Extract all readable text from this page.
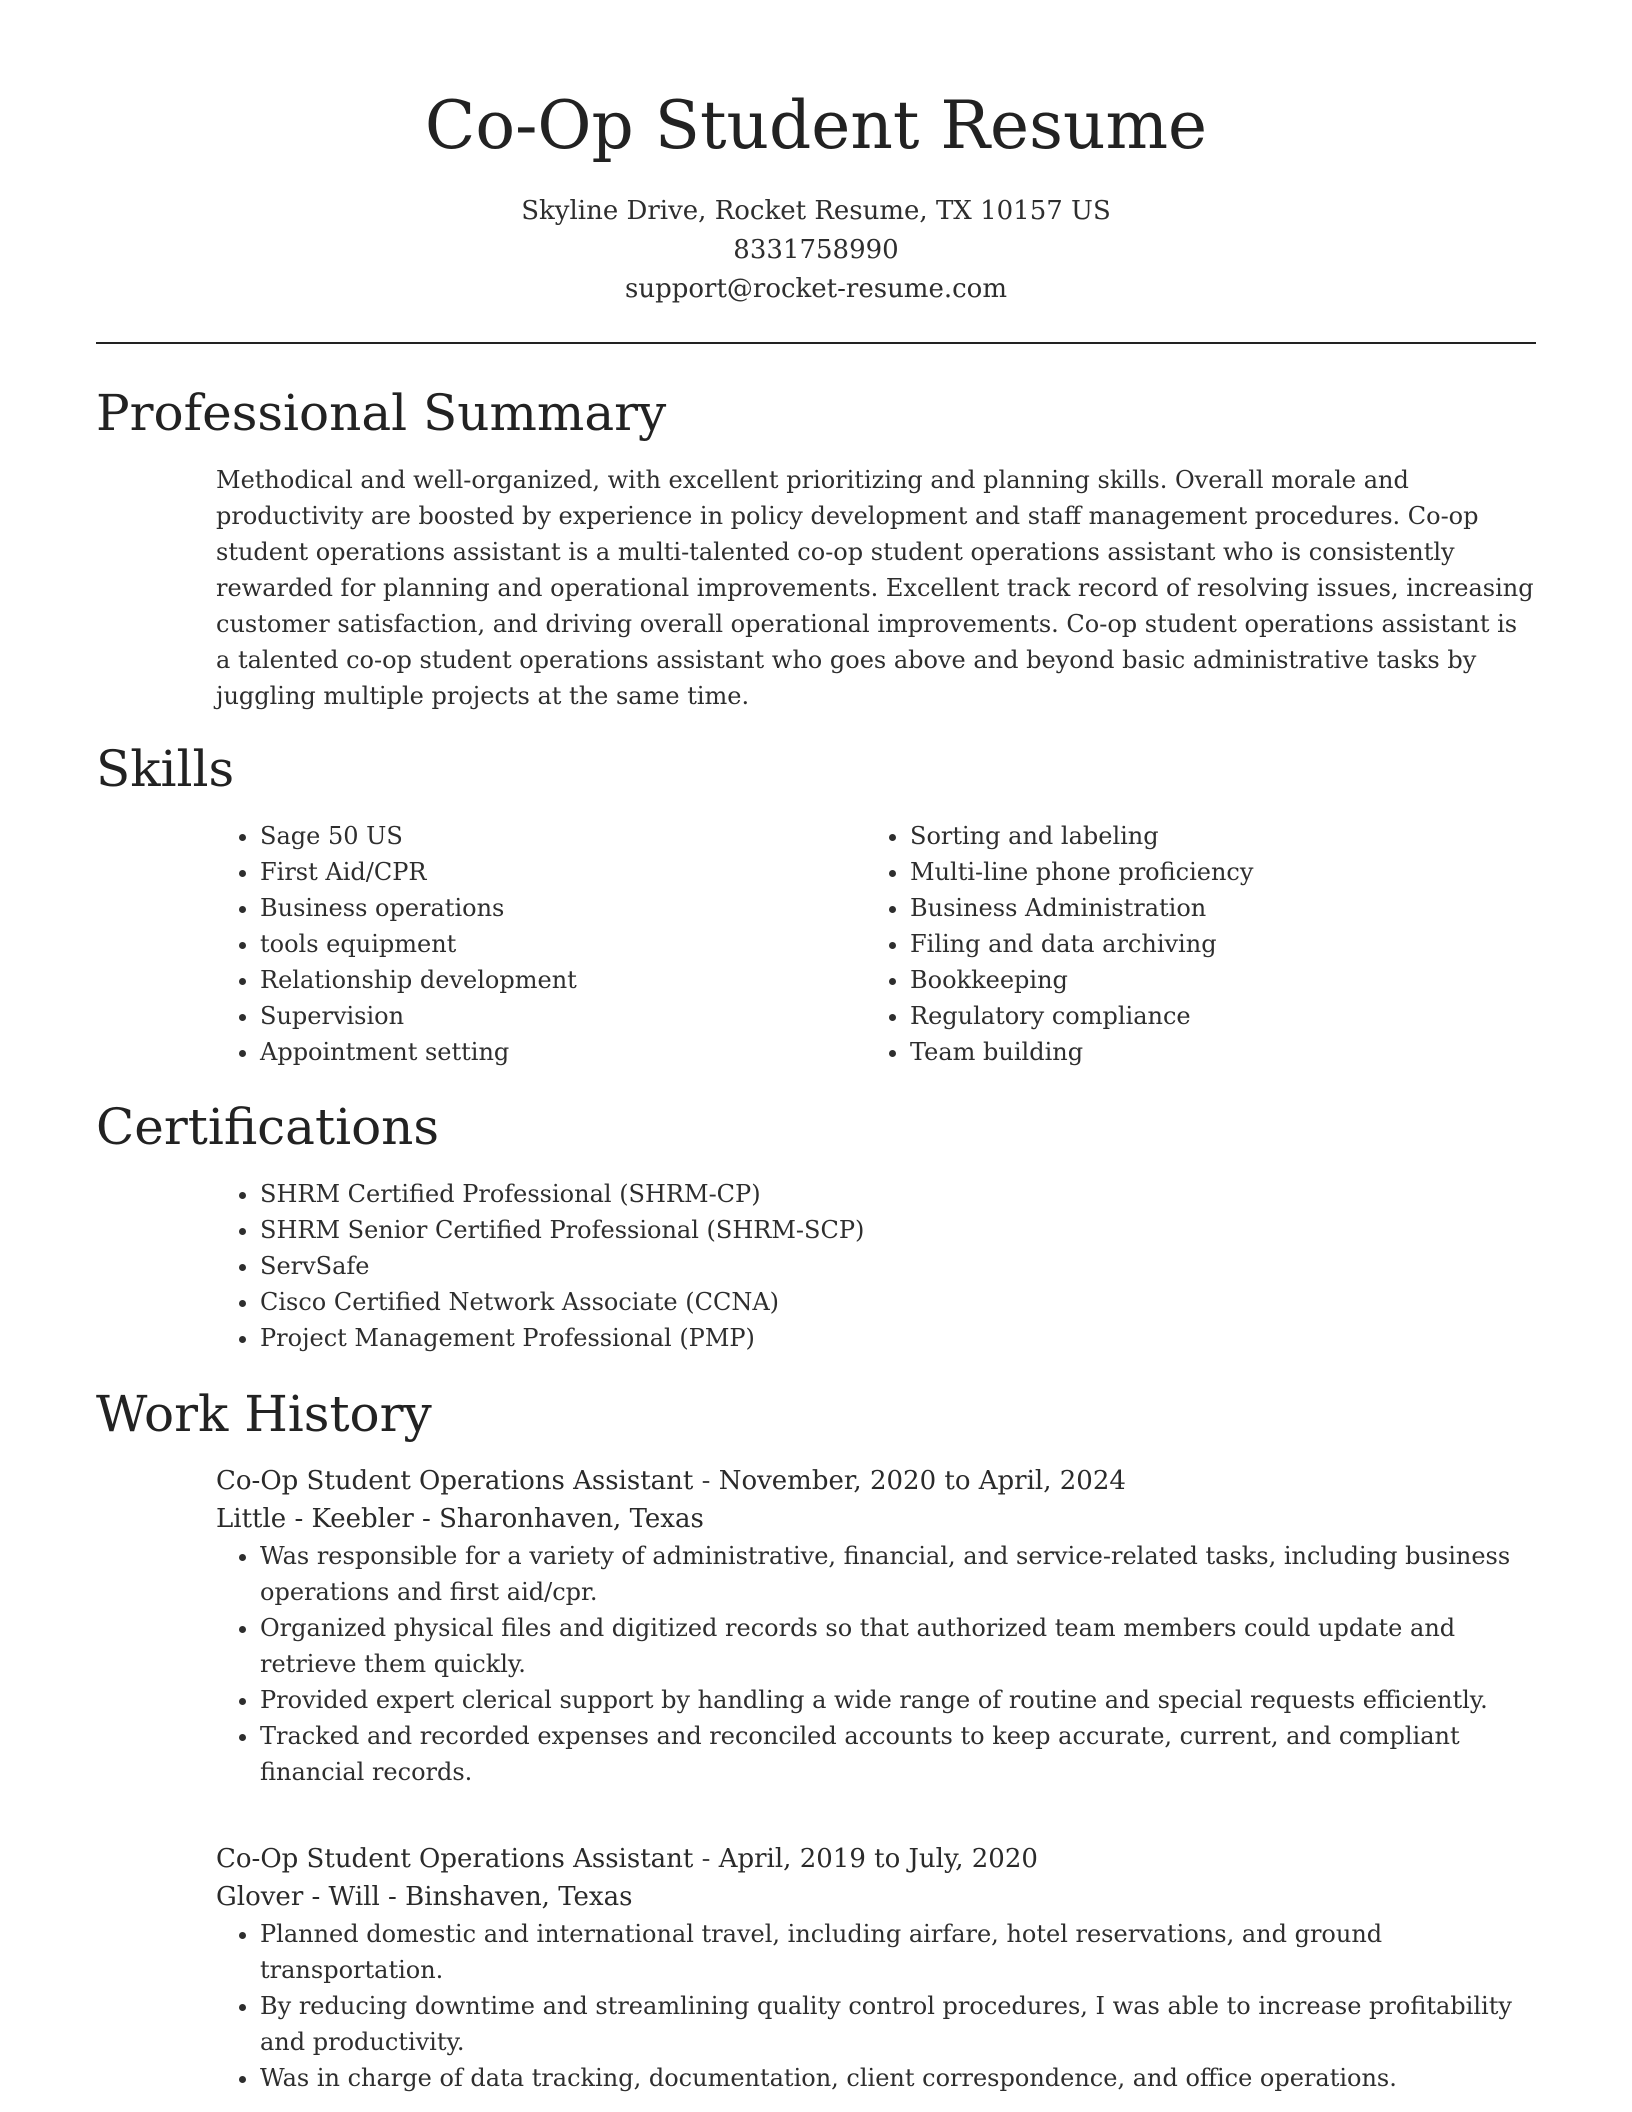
Co-Op Student Resume
Skyline Drive, Rocket Resume, TX 10157 US
8331758990
support@rocket-resume.com
Professional Summary
Methodical and well-organized, with excellent prioritizing and planning skills. Overall morale and productivity are boosted by experience in policy development and staff management procedures. Co-op student operations assistant is a multi-talented co-op student operations assistant who is consistently rewarded for planning and operational improvements. Excellent track record of resolving issues, increasing customer satisfaction, and driving overall operational improvements. Co-op student operations assistant is a talented co-op student operations assistant who goes above and beyond basic administrative tasks by juggling multiple projects at the same time.
Skills
• Sage 50 US
• First Aid/CPR
• Business operations
• tools equipment
• Relationship development
• Supervision
• Appointment setting
• Sorting and labeling
• Multi-line phone proficiency
• Business Administration
• Filing and data archiving
• Bookkeeping
• Regulatory compliance
• Team building
Certifications
• SHRM Certified Professional (SHRM-CP)
• SHRM Senior Certified Professional (SHRM-SCP)
• ServSafe
• Cisco Certified Network Associate (CCNA)
• Project Management Professional (PMP)
Work History
Co-Op Student Operations Assistant - November, 2020 to April, 2024
Little - Keebler - Sharonhaven, Texas
• Was responsible for a variety of administrative, financial, and service-related tasks, including business operations and first aid/cpr.
• Organized physical files and digitized records so that authorized team members could update and retrieve them quickly.
• Provided expert clerical support by handling a wide range of routine and special requests efficiently.
• Tracked and recorded expenses and reconciled accounts to keep accurate, current, and compliant financial records.
Co-Op Student Operations Assistant - April, 2019 to July, 2020
Glover - Will - Binshaven, Texas
• Planned domestic and international travel, including airfare, hotel reservations, and ground transportation.
• By reducing downtime and streamlining quality control procedures, I was able to increase profitability and productivity.
• Was in charge of data tracking, documentation, client correspondence, and office operations.
